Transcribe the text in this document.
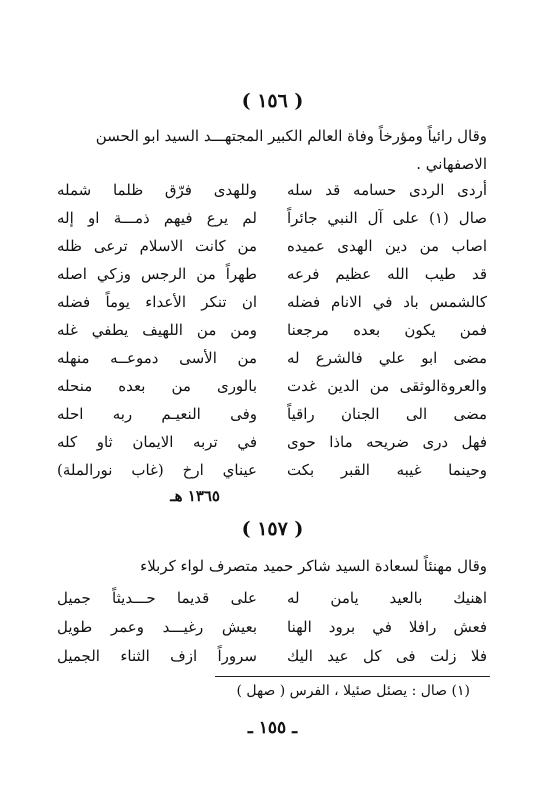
( ١٥٦ )
وقال رائياً ومؤرخاً وفاة العالم الكبير المجتهـــد السيد ابو الحسن الاصفهاني .
أردى الردى حسامه قد سله
وللهدى فرّق ظلما شمله
صال (١) على آل النبي جائراً
لم يرع فيهم ذمـــة او إله
اصاب من دين الهدى عميده
من كانت الاسلام ترعى ظله
قد طيب الله عظيم فرعه
طهراً من الرجس وزكي اصله
كالشمس باد في الانام فضله
ان تنكر الأعداء يوماً فضله
فمن يكون بعده مرجعنا
ومن من اللهيف يطفي غله
مضى ابو علي فالشرع له
من الأسى دموعــه منهله
والعروةالوثقى من الدين غدت
بالورى من بعده منحله
مضى الى الجنان راقياً
وفى النعيـم ربه احله
فهل درى ضريحه ماذا حوى
في تربه الايمان ثاو كله
وحينما غيبه القبر بكت
عيناي ارخ (غاب نورالملة)
١٣٦٥ هـ
( ١٥٧ )
وقال مهنئاً لسعادة السيد شاكر حميد متصرف لواء كربلاء
اهنيك بالعيد يامن له
على قديما حـــديثاً جميل
فعش رافلا في برود الهنا
بعيش رغيـــد وعمر طويل
فلا زلت فى كل عيد اليك
سروراً ازف الثناء الجميل
(١) صال : يصئل صئيلا ، الفرس ( صهل )
ـ ١٥٥ ـ
